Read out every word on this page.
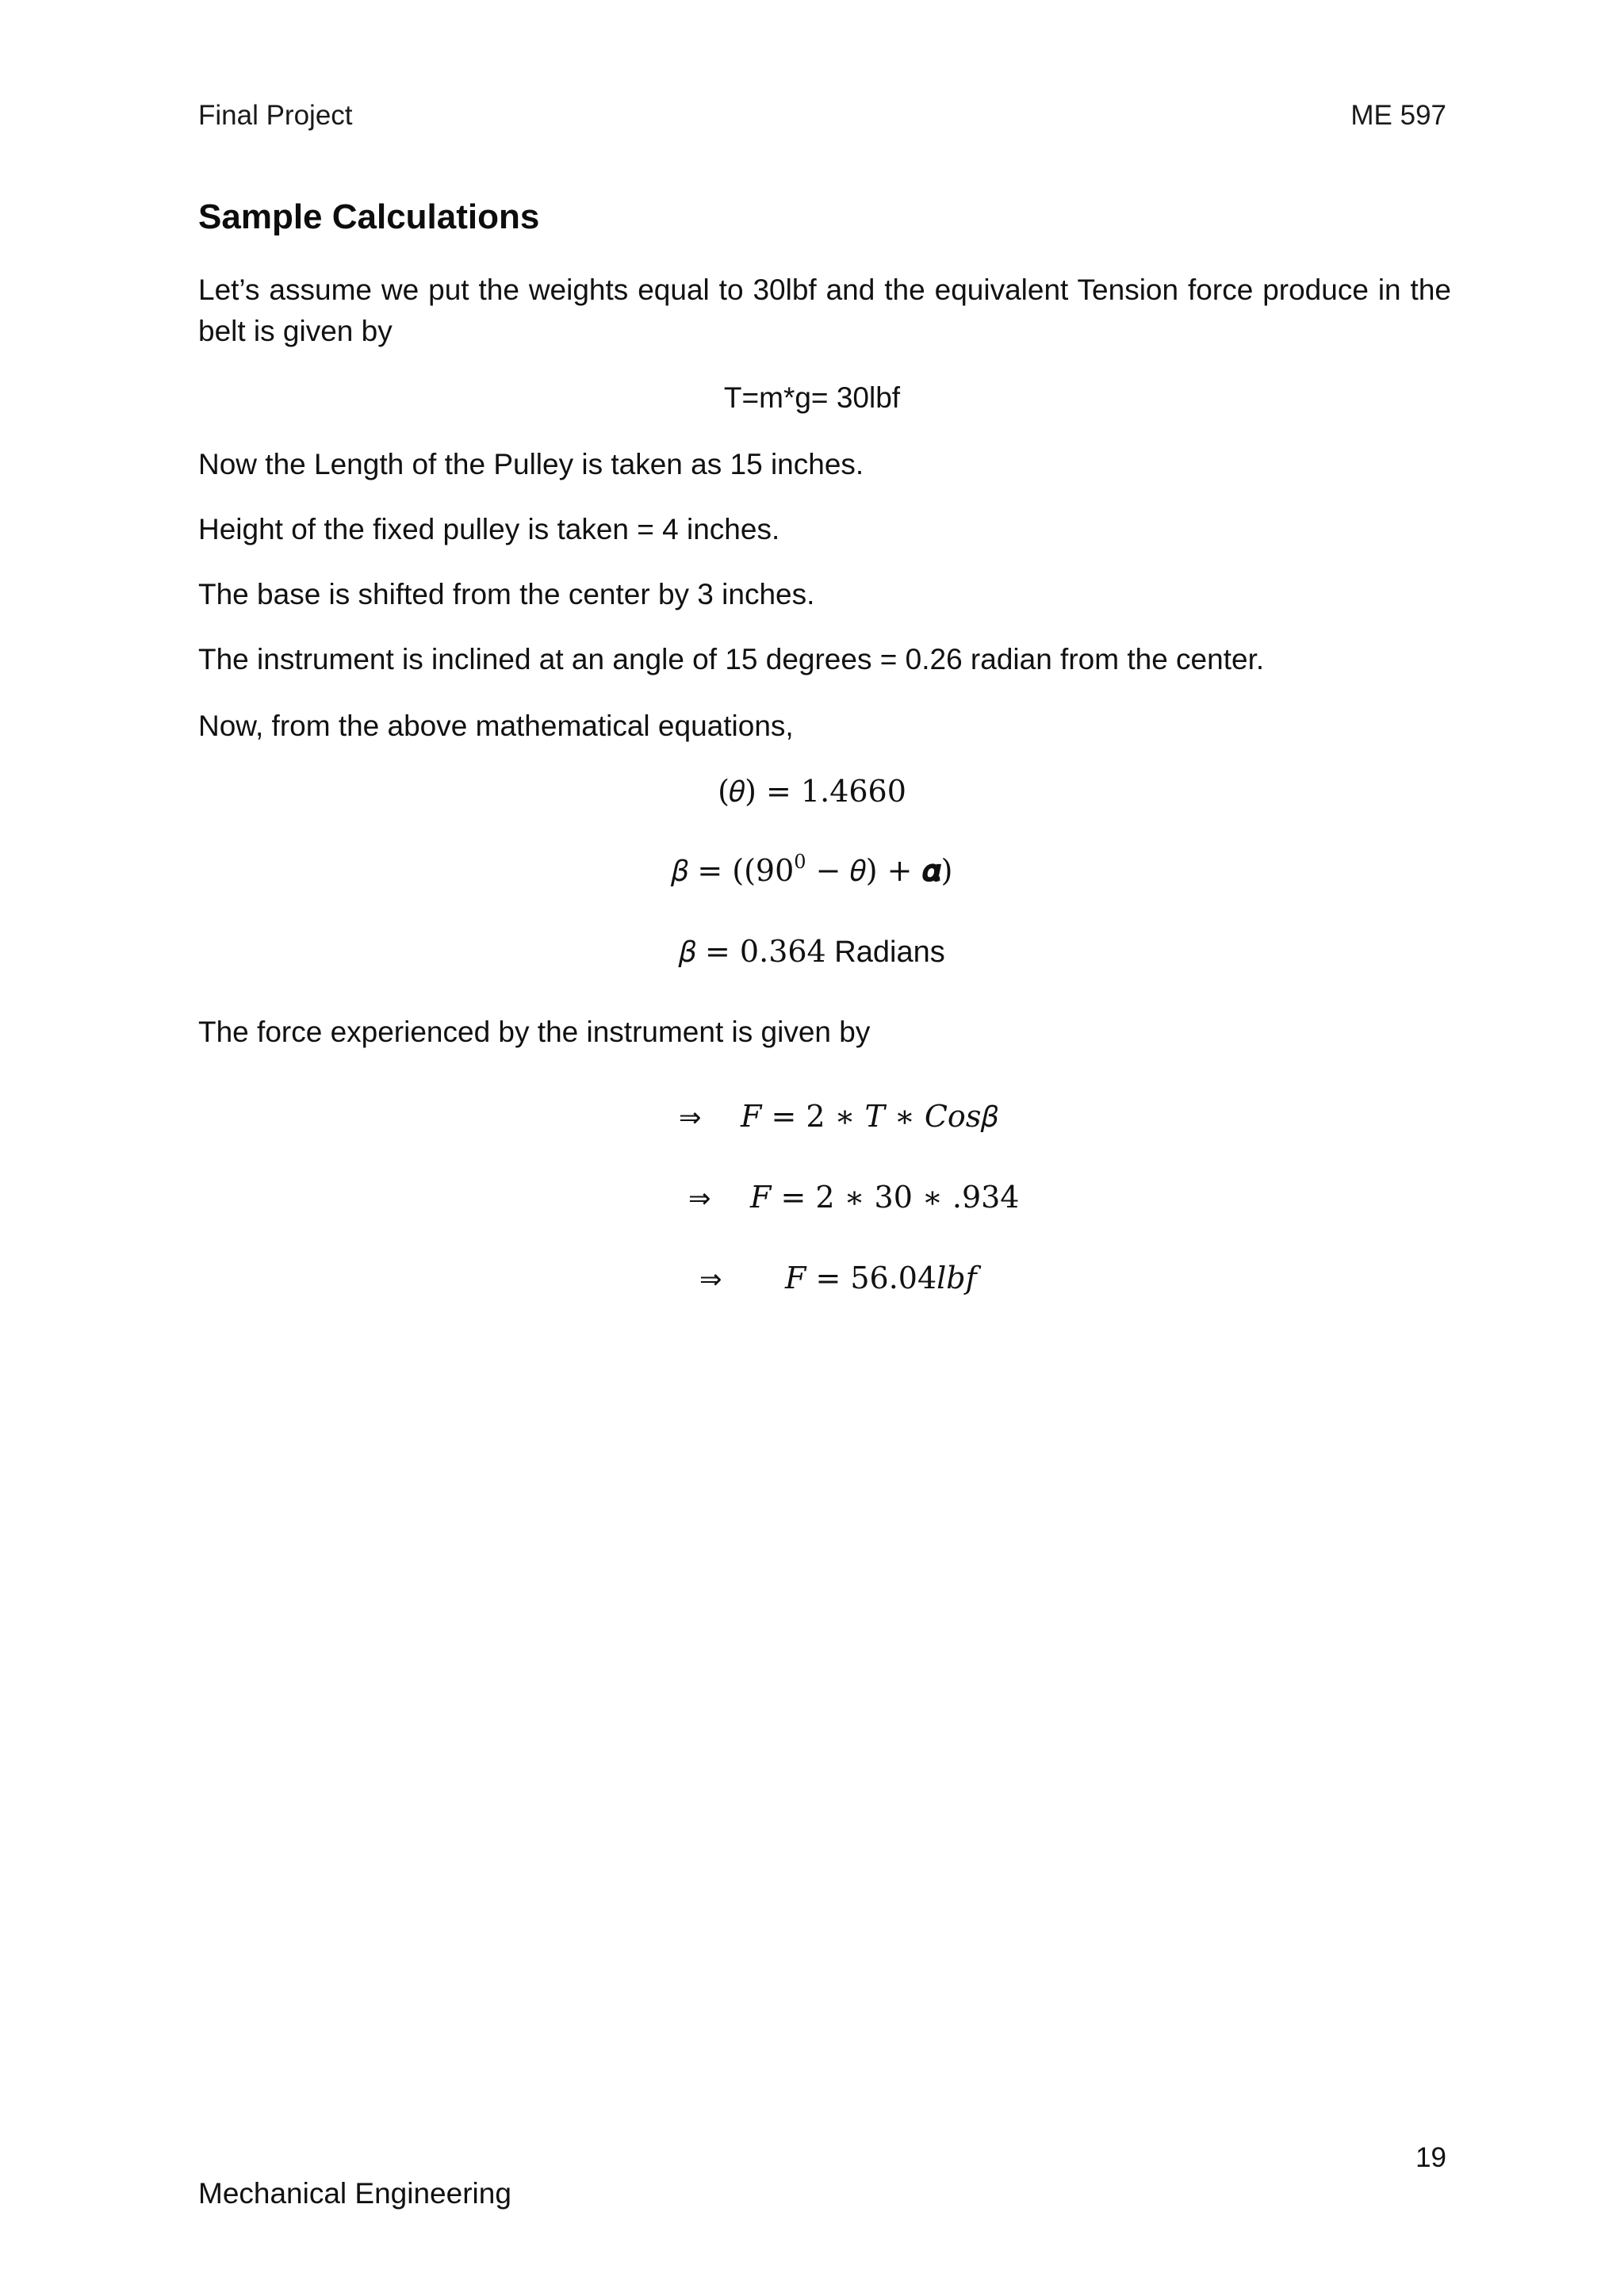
Final Project	ME 597
Sample Calculations

Let’s assume we put the weights equal to 30lbf and the equivalent Tension force produce in the belt is given by

T=m*g= 30lbf

Now the Length of the Pulley is taken as 15 inches.

Height of the fixed pulley is taken = 4 inches.

The base is shifted from the center by 3 inches.

The instrument is inclined at an angle of 15 degrees = 0.26 radian from the center.

Now, from the above mathematical equations,

(𝜃) = 1.4660

𝛽 = (($90^0$ − 𝜃) + 𝜶)

𝛽 = 0.364 Radians

The force experienced by the instrument is given by

⇒ 𝐹 = 2 ∗ 𝑇 ∗ 𝐶𝑜𝑠𝛽
⇒ 𝐹 = 2 ∗ 30 ∗ .934
⇒ 𝐹 = 56.04𝑙𝑏𝑓
19
Mechanical Engineering
